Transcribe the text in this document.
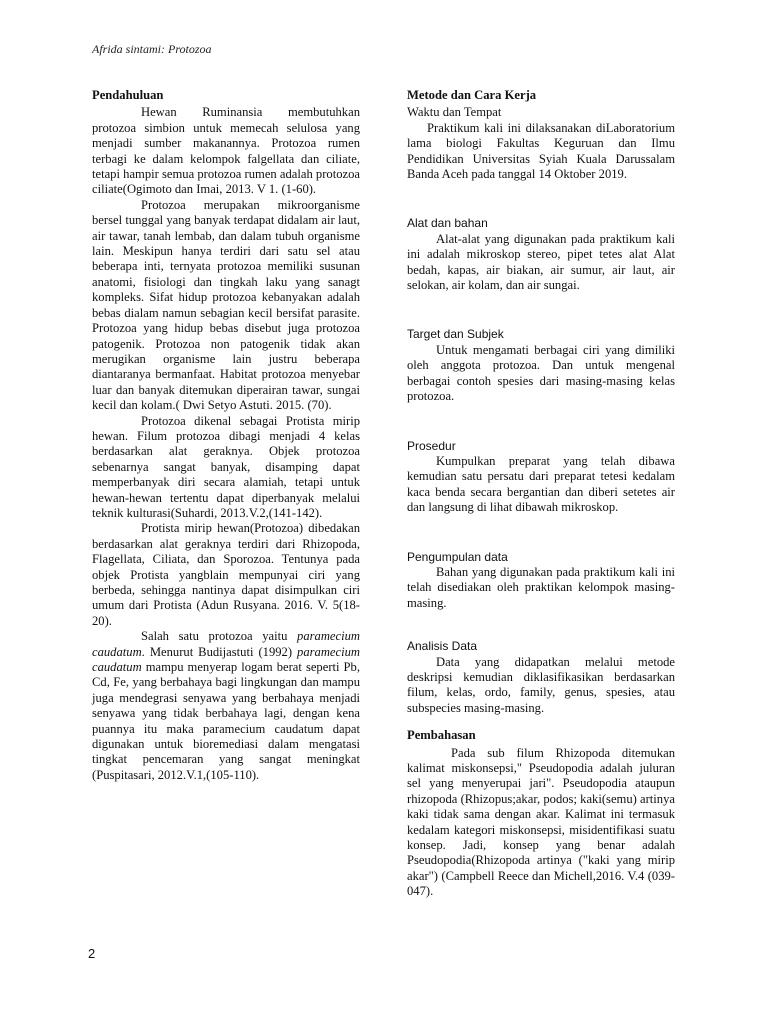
Afrida sintami: Protozoa
Pendahuluan

Hewan Ruminansia membutuhkan protozoa simbion untuk memecah selulosa yang menjadi sumber makanannya. Protozoa rumen terbagi ke dalam kelompok falgellata dan ciliate, tetapi hampir semua protozoa rumen adalah protozoa ciliate(Ogimoto dan Imai, 2013. V 1. (1-60).

Protozoa merupakan mikroorganisme bersel tunggal yang banyak terdapat didalam air laut, air tawar, tanah lembab, dan dalam tubuh organisme lain. Meskipun hanya terdiri dari satu sel atau beberapa inti, ternyata protozoa memiliki susunan anatomi, fisiologi dan tingkah laku yang sanagt kompleks. Sifat hidup protozoa kebanyakan adalah bebas dialam namun sebagian kecil bersifat parasite. Protozoa yang hidup bebas disebut juga protozoa patogenik. Protozoa non patogenik tidak akan merugikan organisme lain justru beberapa diantaranya bermanfaat. Habitat protozoa menyebar luar dan banyak ditemukan diperairan tawar, sungai kecil dan kolam.( Dwi Setyo Astuti. 2015. (70).

Protozoa dikenal sebagai Protista mirip hewan. Filum protozoa dibagi menjadi 4 kelas berdasarkan alat geraknya. Objek protozoa sebenarnya sangat banyak, disamping dapat memperbanyak diri secara alamiah, tetapi untuk hewan-hewan tertentu dapat diperbanyak melalui teknik kulturasi(Suhardi, 2013.V.2,(141-142).

Protista mirip hewan(Protozoa) dibedakan berdasarkan alat geraknya terdiri dari Rhizopoda, Flagellata, Ciliata, dan Sporozoa. Tentunya pada objek Protista yangblain mempunyai ciri yang berbeda, sehingga nantinya dapat disimpulkan ciri umum dari Protista (Adun Rusyana. 2016. V. 5(18-20).

Salah satu protozoa yaitu paramecium caudatum. Menurut Budijastuti (1992) paramecium caudatum mampu menyerap logam berat seperti Pb, Cd, Fe, yang berbahaya bagi lingkungan dan mampu juga mendegrasi senyawa yang berbahaya menjadi senyawa yang tidak berbahaya lagi, dengan kena puannya itu maka paramecium caudatum dapat digunakan untuk bioremediasi dalam mengatasi tingkat pencemaran yang sangat meningkat (Puspitasari, 2012.V.1,(105-110).

Metode dan Cara Kerja
Waktu dan Tempat

Praktikum kali ini dilaksanakan diLaboratorium lama biologi Fakultas Keguruan dan Ilmu Pendidikan Universitas Syiah Kuala Darussalam Banda Aceh pada tanggal 14 Oktober 2019.

Alat dan bahan

Alat-alat yang digunakan pada praktikum kali ini adalah mikroskop stereo, pipet tetes alat Alat bedah, kapas, air biakan, air sumur, air laut, air selokan, air kolam, dan air sungai.

Target dan Subjek

Untuk mengamati berbagai ciri yang dimiliki oleh anggota protozoa. Dan untuk mengenal berbagai contoh spesies dari masing-masing kelas protozoa.

Prosedur

Kumpulkan preparat yang telah dibawa kemudian satu persatu dari preparat tetesi kedalam kaca benda secara bergantian dan diberi setetes air dan langsung di lihat dibawah mikroskop.

Pengumpulan data

Bahan yang digunakan pada praktikum kali ini telah disediakan oleh praktikan kelompok masing-masing.

Analisis Data

Data yang didapatkan melalui metode deskripsi kemudian diklasifikasikan berdasarkan filum, kelas, ordo, family, genus, spesies, atau subspecies masing-masing.

Pembahasan

Pada sub filum Rhizopoda ditemukan kalimat miskonsepsi," Pseudopodia adalah juluran sel yang menyerupai jari". Pseudopodia ataupun rhizopoda (Rhizopus;akar, podos; kaki(semu) artinya kaki tidak sama dengan akar. Kalimat ini termasuk kedalam kategori miskonsepsi, misidentifikasi suatu konsep. Jadi, konsep yang benar adalah Pseudopodia(Rhizopoda artinya ("kaki yang mirip akar") (Campbell Reece dan Michell,2016. V.4 (039-047).

2
